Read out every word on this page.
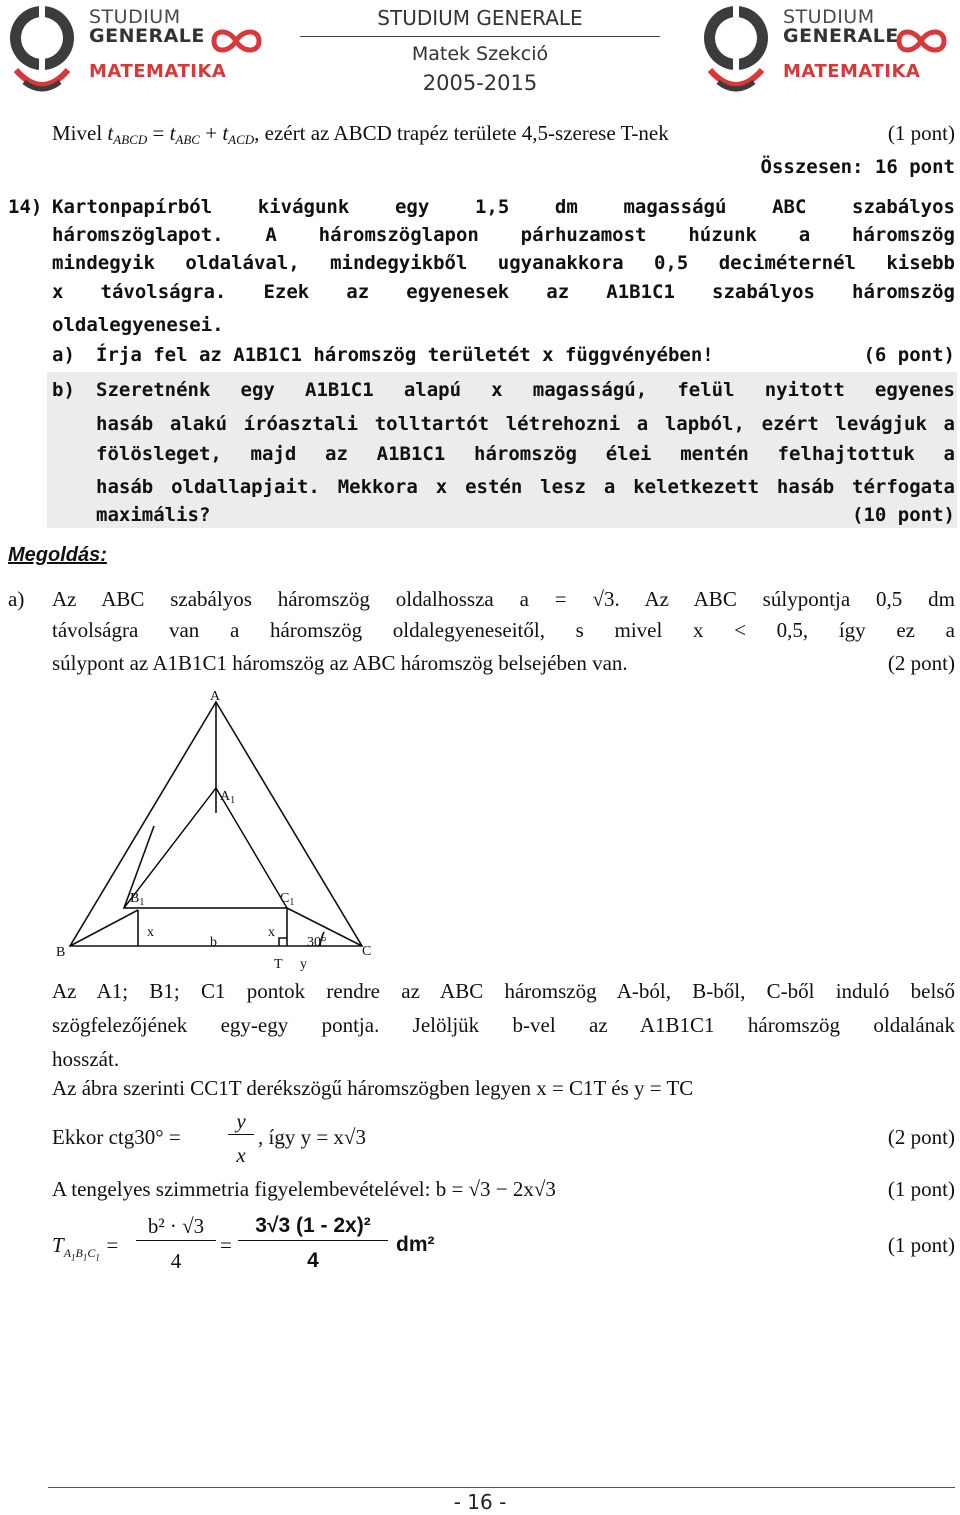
STUDIUM
GENERALE
MATEMATIKA
STUDIUM GENERALE
Matek Szekció
2005-2015
STUDIUM
GENERALE
MATEMATIKA
Mivel $t_{ABCD} = t_{ABC} + t_{ACD}$, ezért az ABCD trapéz területe 4,5-szerese T-nek	(1 pont)
Összesen: 16 pont
14) Kartonpapírból kivágunk egy 1,5 dm magasságú ABC szabályos
háromszöglapot. A háromszöglapon párhuzamost húzunk a háromszög
mindegyik oldalával, mindegyikből ugyanakkora 0,5 deciméternél kisebb
x távolságra. Ezek az egyenesek az A1B1C1 szabályos háromszög
oldalegyenesei.
a) Írja fel az A1B1C1 háromszög területét x függvényében!	(6 pont)
b) Szeretnénk egy A1B1C1 alapú x magasságú, felül nyitott egyenes
hasáb alakú íróasztali tolltartót létrehozni a lapból, ezért levágjuk a
fölösleget, majd az A1B1C1 háromszög élei mentén felhajtottuk a
hasáb oldallapjait. Mekkora x estén lesz a keletkezett hasáb térfogata
maximális?	(10 pont)
Megoldás:
a) Az ABC szabályos háromszög oldalhossza a = √3. Az ABC súlypontja 0,5 dm
távolságra van a háromszög oldalegyeneseitől, s mivel x < 0,5, így ez a
súlypont az A1B1C1 háromszög az ABC háromszög belsejében van.	(2 pont)
A
$A_1$
B
$B_1$
C
$C_1$
x
b
x
30°
T y
Az A1; B1; C1 pontok rendre az ABC háromszög A-ból, B-ből, C-ből induló belső
szögfelezőjének egy-egy pontja. Jelöljük b-vel az A1B1C1 háromszög oldalának
hosszát.
Az ábra szerinti CC1T derékszögű háromszögben legyen x = C1T és y = TC
Ekkor ctg30° =
y
x
, így y = x√3	(2 pont)
A tengelyes szimmetria figyelembevételével: b = √3 − 2x√3	(1 pont)
$T_{A_1B_1C_1}$ =
b² · √3
4
=
3√3 (1 - 2x)²
4
dm²	(1 pont)
- 16 -
